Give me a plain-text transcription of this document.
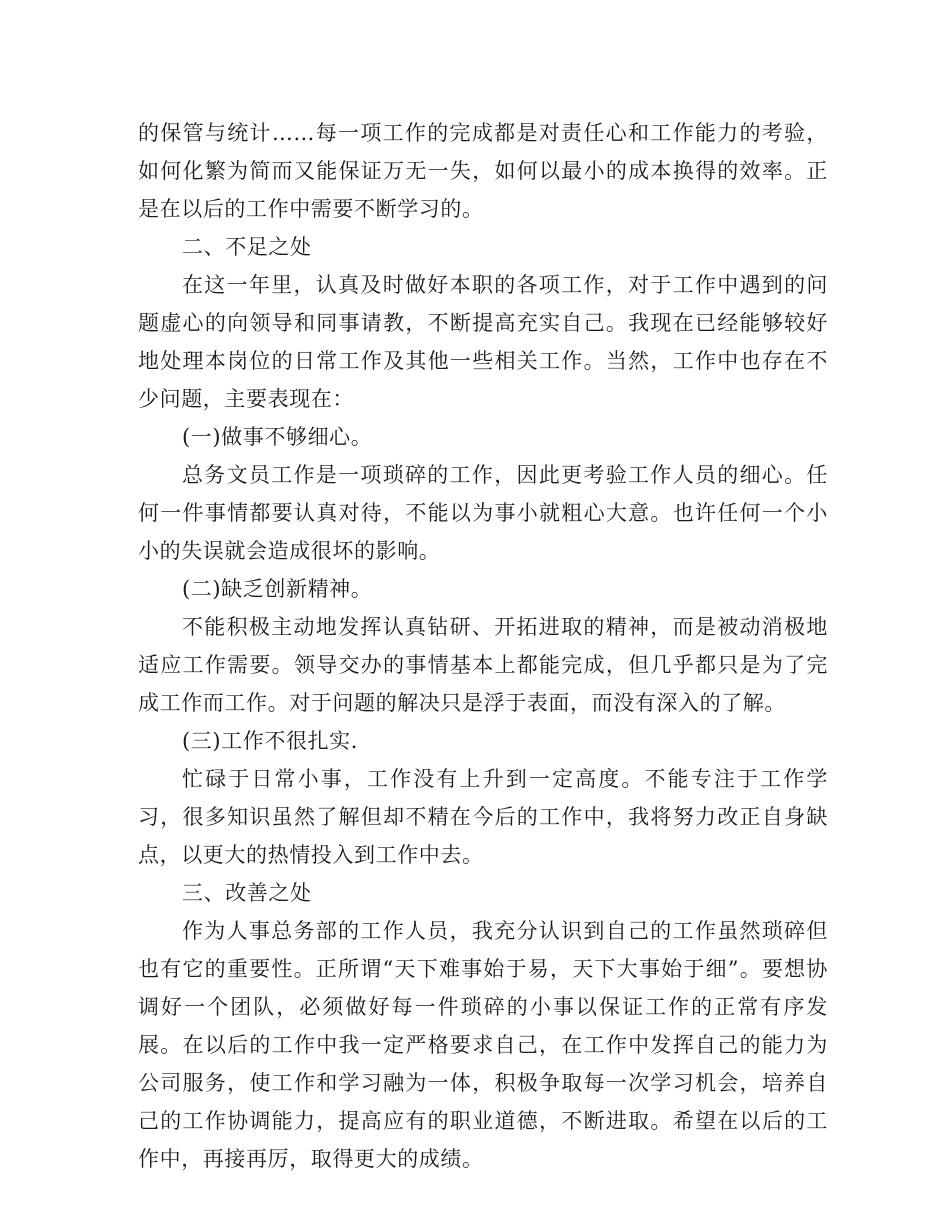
的保管与统计……每一项工作的完成都是对责任心和工作能力的考验，如何化繁为简而又能保证万无一失，如何以最小的成本换得的效率。正是在以后的工作中需要不断学习的。

二、不足之处

在这一年里，认真及时做好本职的各项工作，对于工作中遇到的问题虚心的向领导和同事请教，不断提高充实自己。我现在已经能够较好地处理本岗位的日常工作及其他一些相关工作。当然，工作中也存在不少问题，主要表现在：

(一)做事不够细心。

总务文员工作是一项琐碎的工作，因此更考验工作人员的细心。任何一件事情都要认真对待，不能以为事小就粗心大意。也许任何一个小小的失误就会造成很坏的影响。

(二)缺乏创新精神。

不能积极主动地发挥认真钻研、开拓进取的精神，而是被动消极地适应工作需要。领导交办的事情基本上都能完成，但几乎都只是为了完成工作而工作。对于问题的解决只是浮于表面，而没有深入的了解。

(三)工作不很扎实.

忙碌于日常小事，工作没有上升到一定高度。不能专注于工作学习，很多知识虽然了解但却不精在今后的工作中，我将努力改正自身缺点，以更大的热情投入到工作中去。

三、改善之处

作为人事总务部的工作人员，我充分认识到自己的工作虽然琐碎但也有它的重要性。正所谓“天下难事始于易，天下大事始于细”。要想协调好一个团队，必须做好每一件琐碎的小事以保证工作的正常有序发展。在以后的工作中我一定严格要求自己，在工作中发挥自己的能力为公司服务，使工作和学习融为一体，积极争取每一次学习机会，培养自己的工作协调能力，提高应有的职业道德，不断进取。希望在以后的工作中，再接再厉，取得更大的成绩。
